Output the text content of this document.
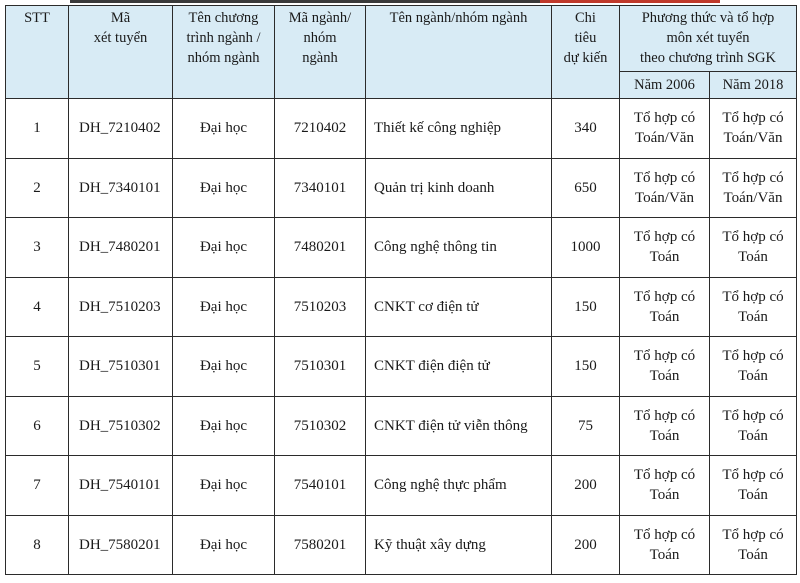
STT	Mã
xét tuyển	Tên chương
trình ngành /
nhóm ngành	Mã ngành/
nhóm
ngành	Tên ngành/nhóm ngành	Chi
tiêu
dự kiến	Phương thức và tổ hợp
môn xét tuyển
theo chương trình SGK	

						Năm 2006	Năm 2018
1	DH_7210402	Đại học	7210402	Thiết kế công nghiệp	340	Tổ hợp có
Toán/Văn	Tổ hợp có
Toán/Văn

2	DH_7340101	Đại học	7340101	Quản trị kinh doanh	650	Tổ hợp có
Toán/Văn	Tổ hợp có
Toán/Văn

3	DH_7480201	Đại học	7480201	Công nghệ thông tin	1000	Tổ hợp có
Toán	Tổ hợp có
Toán

4	DH_7510203	Đại học	7510203	CNKT cơ điện tử	150	Tổ hợp có
Toán	Tổ hợp có
Toán

5	DH_7510301	Đại học	7510301	CNKT điện điện tử	150	Tổ hợp có
Toán	Tổ hợp có
Toán

6	DH_7510302	Đại học	7510302	CNKT điện tử viễn thông	75	Tổ hợp có
Toán	Tổ hợp có
Toán

7	DH_7540101	Đại học	7540101	Công nghệ thực phẩm	200	Tổ hợp có
Toán	Tổ hợp có
Toán

8	DH_7580201	Đại học	7580201	Kỹ thuật xây dựng	200	Tổ hợp có
Toán	Tổ hợp có
Toán
